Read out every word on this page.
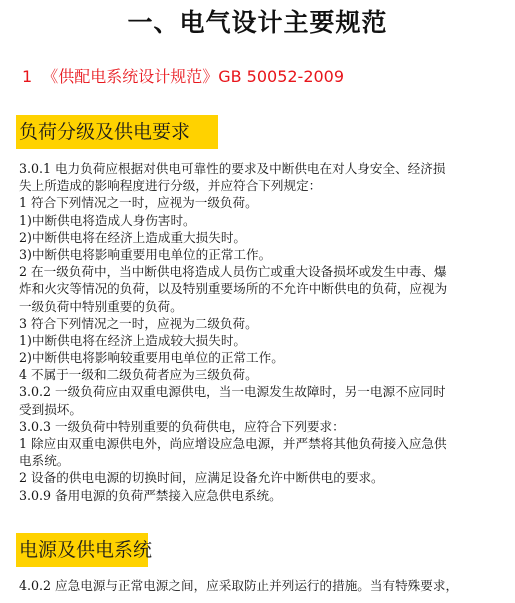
一、电气设计主要规范
1 《供配电系统设计规范》GB 50052-2009
负荷分级及供电要求
3.0.1 电力负荷应根据对供电可靠性的要求及中断供电在对人身安全、经济损
失上所造成的影响程度进行分级，并应符合下列规定：
1 符合下列情况之一时，应视为一级负荷。
1)中断供电将造成人身伤害时。
2)中断供电将在经济上造成重大损失时。
3)中断供电将影响重要用电单位的正常工作。
2 在一级负荷中，当中断供电将造成人员伤亡或重大设备损坏或发生中毒、爆
炸和火灾等情况的负荷，以及特别重要场所的不允许中断供电的负荷，应视为
一级负荷中特别重要的负荷。
3 符合下列情况之一时，应视为二级负荷。
1)中断供电将在经济上造成较大损失时。
2)中断供电将影响较重要用电单位的正常工作。
4 不属于一级和二级负荷者应为三级负荷。
3.0.2 一级负荷应由双重电源供电，当一电源发生故障时，另一电源不应同时
受到损坏。
3.0.3 一级负荷中特别重要的负荷供电，应符合下列要求：
1 除应由双重电源供电外，尚应增设应急电源，并严禁将其他负荷接入应急供
电系统。
2 设备的供电电源的切换时间，应满足设备允许中断供电的要求。
3.0.9 备用电源的负荷严禁接入应急供电系统。
电源及供电系统
4.0.2 应急电源与正常电源之间，应采取防止并列运行的措施。当有特殊要求，
